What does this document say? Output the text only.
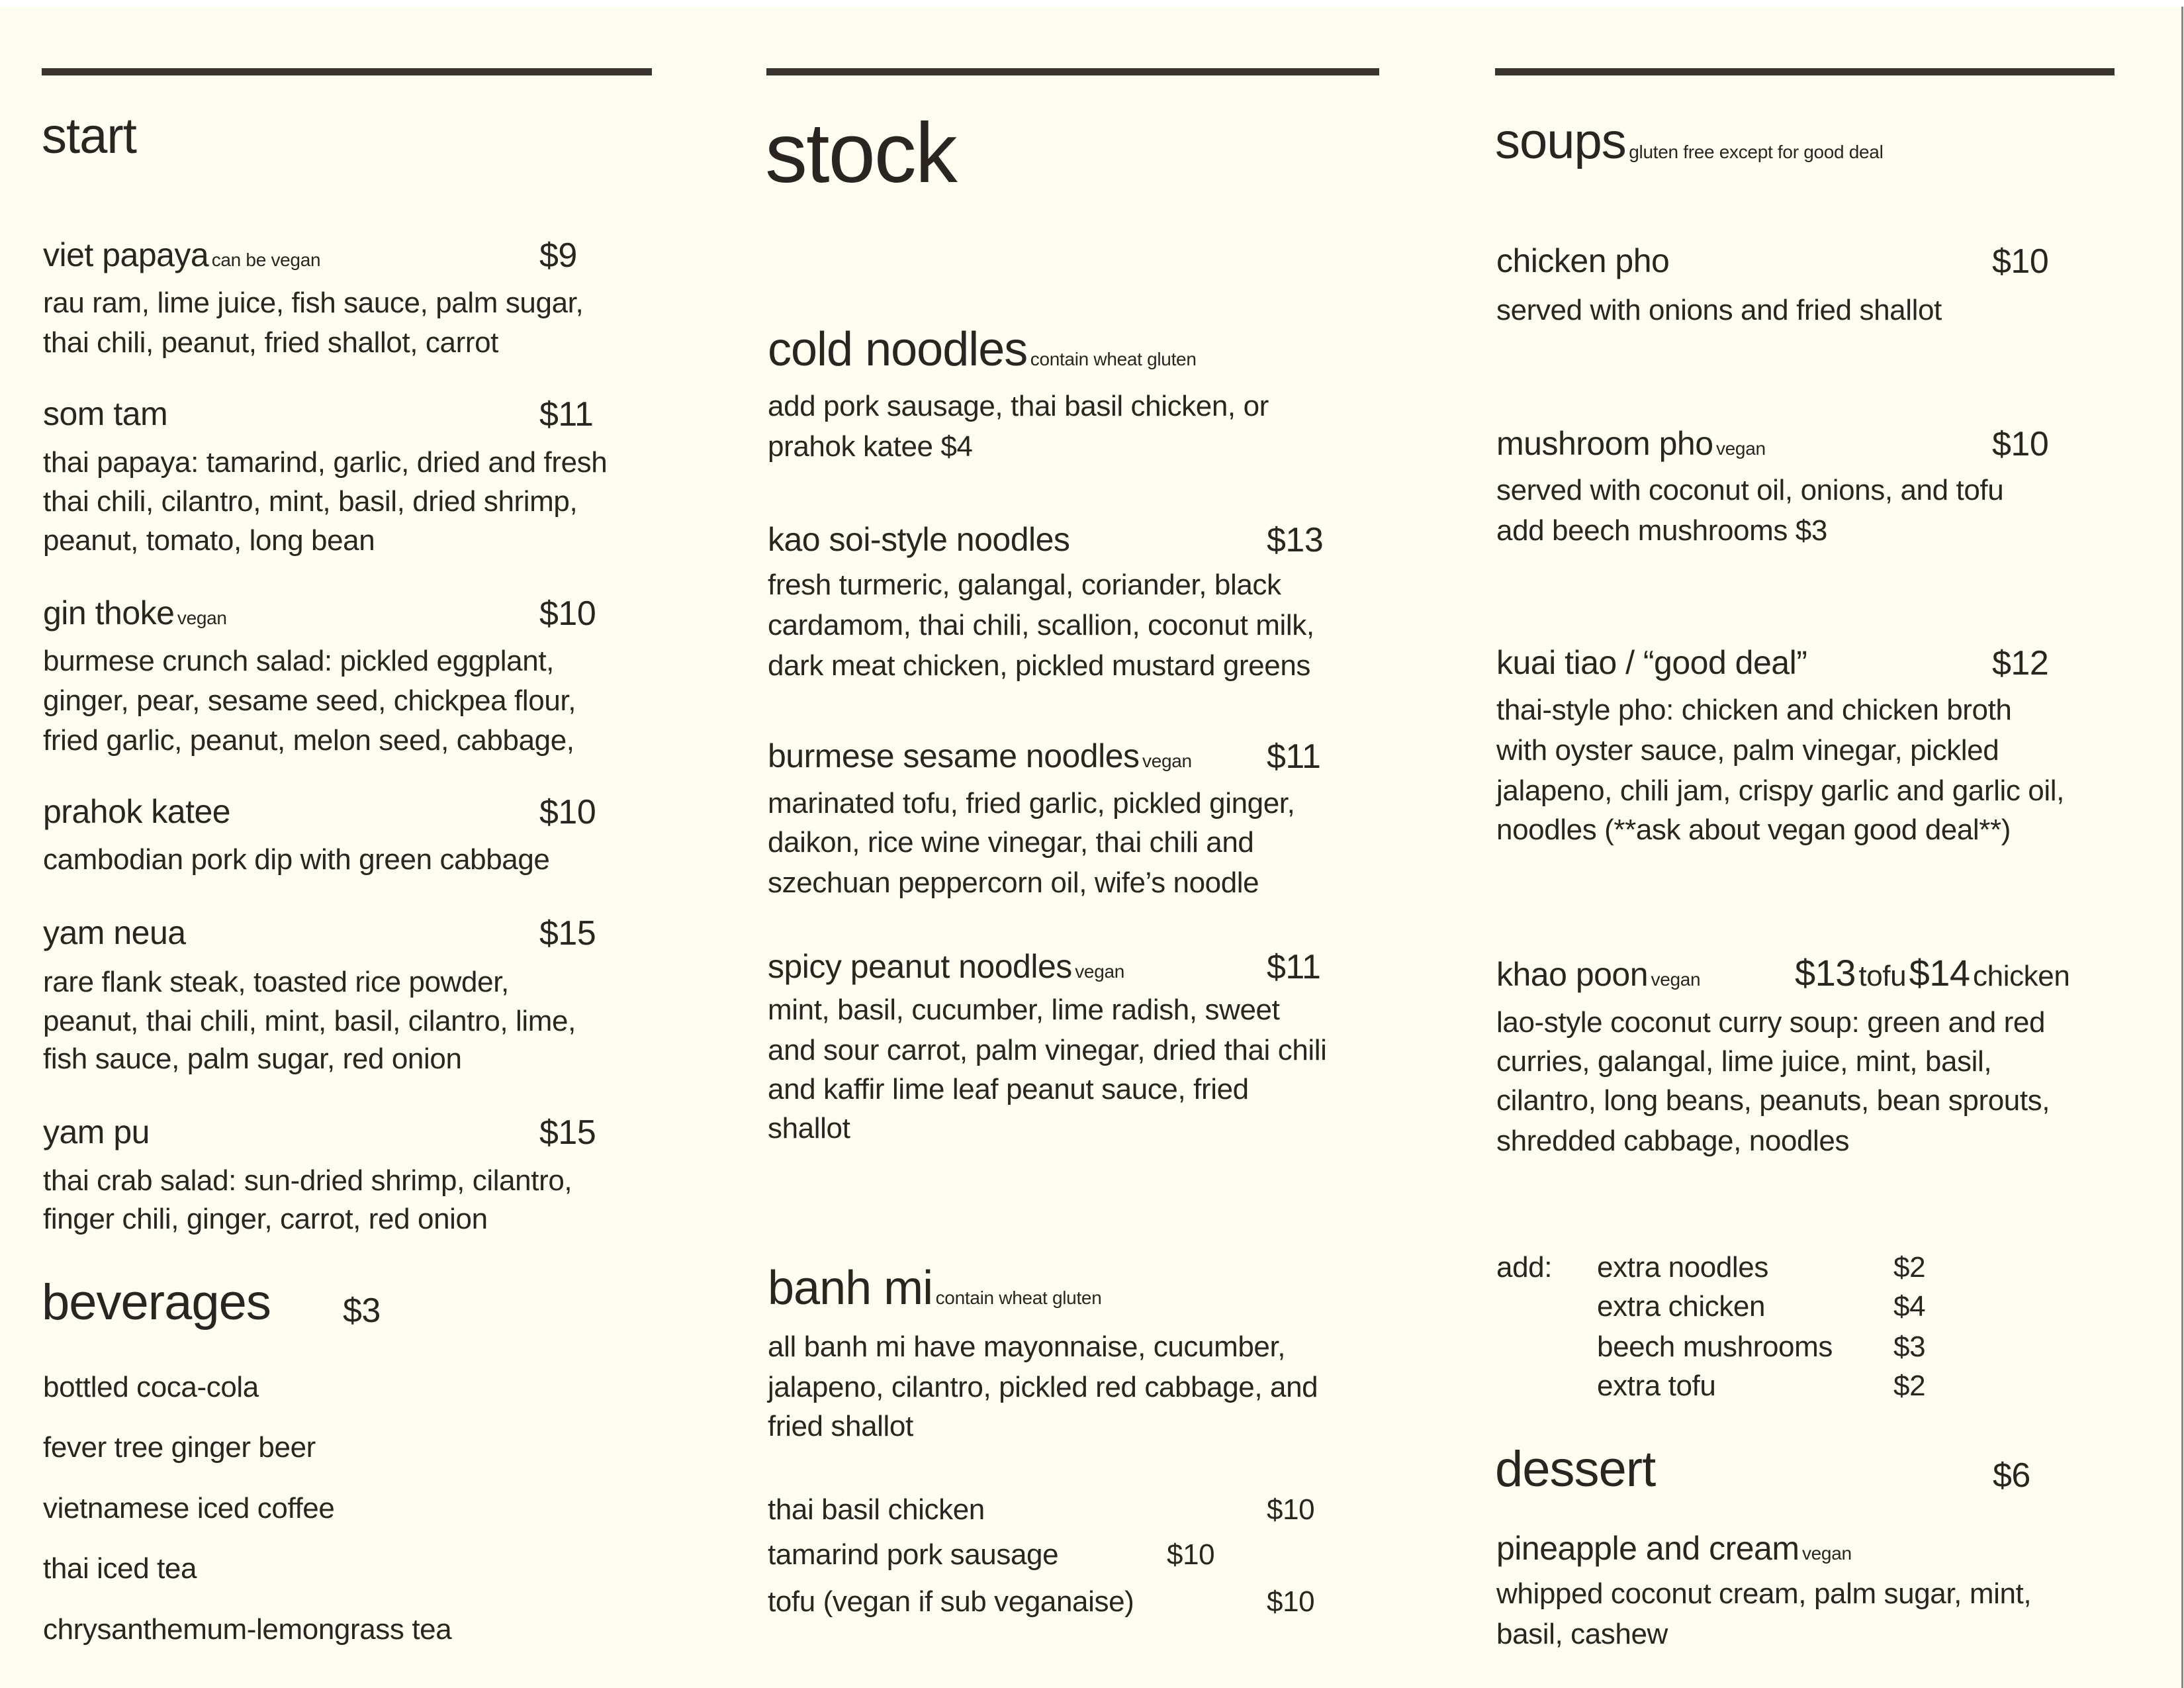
start
viet papaya can be vegan	$9
rau ram, lime juice, fish sauce, palm sugar,
thai chili, peanut, fried shallot, carrot
som tam	$11
thai papaya: tamarind, garlic, dried and fresh
thai chili, cilantro, mint, basil, dried shrimp,
peanut, tomato, long bean
gin thoke vegan	$10
burmese crunch salad: pickled eggplant,
ginger, pear, sesame seed, chickpea flour,
fried garlic, peanut, melon seed, cabbage,
prahok katee	$10
cambodian pork dip with green cabbage
yam neua	$15
rare flank steak, toasted rice powder,
peanut, thai chili, mint, basil, cilantro, lime,
fish sauce, palm sugar, red onion
yam pu	$15
thai crab salad: sun-dried shrimp, cilantro,
finger chili, ginger, carrot, red onion
beverages $3
bottled coca-cola
fever tree ginger beer
vietnamese iced coffee
thai iced tea
chrysanthemum-lemongrass tea
stock
cold noodles contain wheat gluten
add pork sausage, thai basil chicken, or
prahok katee $4
kao soi-style noodles	$13
fresh turmeric, galangal, coriander, black
cardamom, thai chili, scallion, coconut milk,
dark meat chicken, pickled mustard greens
burmese sesame noodles vegan $11
marinated tofu, fried garlic, pickled ginger,
daikon, rice wine vinegar, thai chili and
szechuan peppercorn oil, wife’s noodle
spicy peanut noodles vegan	$11
mint, basil, cucumber, lime radish, sweet
and sour carrot, palm vinegar, dried thai chili
and kaffir lime leaf peanut sauce, fried
shallot
banh mi contain wheat gluten
all banh mi have mayonnaise, cucumber,
jalapeno, cilantro, pickled red cabbage, and
fried shallot
thai basil chicken	$10
tamarind pork sausage	$10
tofu (vegan if sub veganaise)	$10
soups gluten free except for good deal
chicken pho	$10
served with onions and fried shallot
mushroom pho vegan	$10
served with coconut oil, onions, and tofu
add beech mushrooms $3
kuai tiao / “good deal”	$12
thai-style pho: chicken and chicken broth
with oyster sauce, palm vinegar, pickled
jalapeno, chili jam, crispy garlic and garlic oil,
noodles (**ask about vegan good deal**)
khao poon vegan	$13 tofu $14 chicken
lao-style coconut curry soup: green and red
curries, galangal, lime juice, mint, basil,
cilantro, long beans, peanuts, bean sprouts,
shredded cabbage, noodles
add: extra noodles	$2
extra chicken	$4
beech mushrooms $3
extra tofu	$2
dessert	$6
pineapple and cream vegan
whipped coconut cream, palm sugar, mint,
basil, cashew
